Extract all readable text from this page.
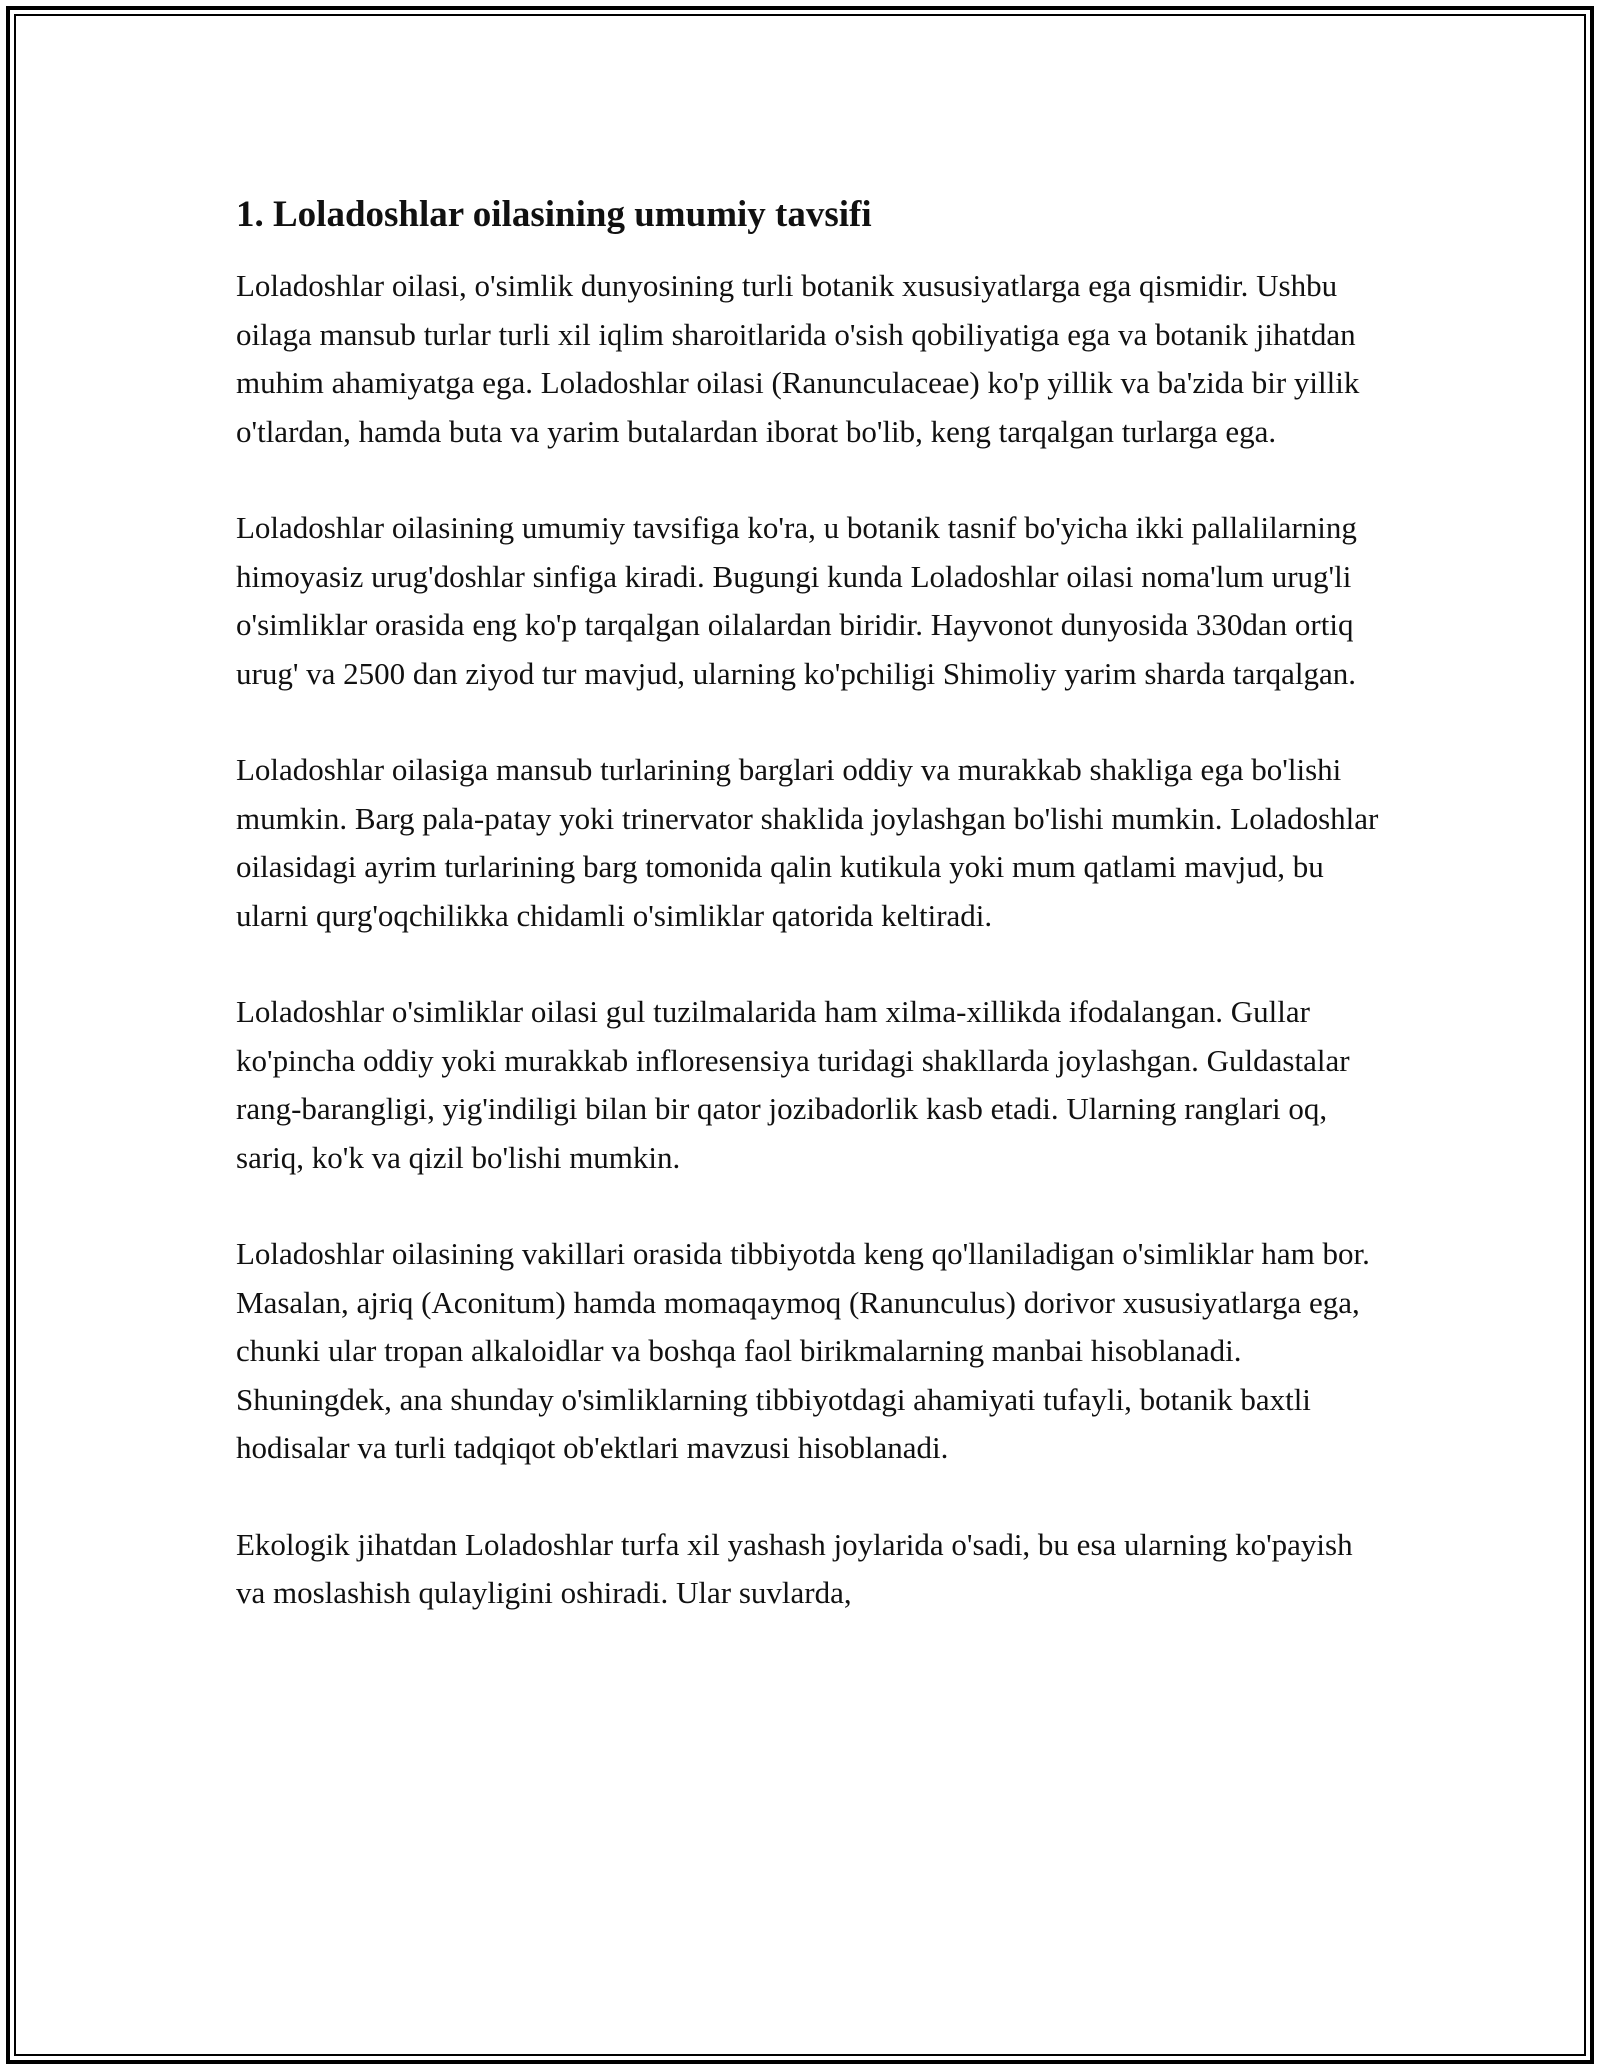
1. Loladoshlar oilasining umumiy tavsifi

Loladoshlar oilasi, o'simlik dunyosining turli botanik xususiyatlarga ega qismidir. Ushbu oilaga mansub turlar turli xil iqlim sharoitlarida o'sish qobiliyatiga ega va botanik jihatdan muhim ahamiyatga ega. Loladoshlar oilasi (Ranunculaceae) ko'p yillik va ba'zida bir yillik o'tlardan, hamda buta va yarim butalardan iborat bo'lib, keng tarqalgan turlarga ega.

Loladoshlar oilasining umumiy tavsifiga ko'ra, u botanik tasnif bo'yicha ikki pallalilarning himoyasiz urug'doshlar sinfiga kiradi. Bugungi kunda Loladoshlar oilasi noma'lum urug'li o'simliklar orasida eng ko'p tarqalgan oilalardan biridir. Hayvonot dunyosida 330dan ortiq urug' va 2500 dan ziyod tur mavjud, ularning ko'pchiligi Shimoliy yarim sharda tarqalgan.

Loladoshlar oilasiga mansub turlarining barglari oddiy va murakkab shakliga ega bo'lishi mumkin. Barg pala-patay yoki trinervator shaklida joylashgan bo'lishi mumkin. Loladoshlar oilasidagi ayrim turlarining barg tomonida qalin kutikula yoki mum qatlami mavjud, bu ularni qurg'oqchilikka chidamli o'simliklar qatorida keltiradi.

Loladoshlar o'simliklar oilasi gul tuzilmalarida ham xilma-xillikda ifodalangan. Gullar ko'pincha oddiy yoki murakkab infloresensiya turidagi shakllarda joylashgan. Guldastalar rang-barangligi, yig'indiligi bilan bir qator jozibadorlik kasb etadi. Ularning ranglari oq, sariq, ko'k va qizil bo'lishi mumkin.

Loladoshlar oilasining vakillari orasida tibbiyotda keng qo'llaniladigan o'simliklar ham bor. Masalan, ajriq (Aconitum) hamda momaqaymoq (Ranunculus) dorivor xususiyatlarga ega, chunki ular tropan alkaloidlar va boshqa faol birikmalarning manbai hisoblanadi. Shuningdek, ana shunday o'simliklarning tibbiyotdagi ahamiyati tufayli, botanik baxtli hodisalar va turli tadqiqot ob'ektlari mavzusi hisoblanadi.

Ekologik jihatdan Loladoshlar turfa xil yashash joylarida o'sadi, bu esa ularning ko'payish va moslashish qulayligini oshiradi. Ular suvlarda,
